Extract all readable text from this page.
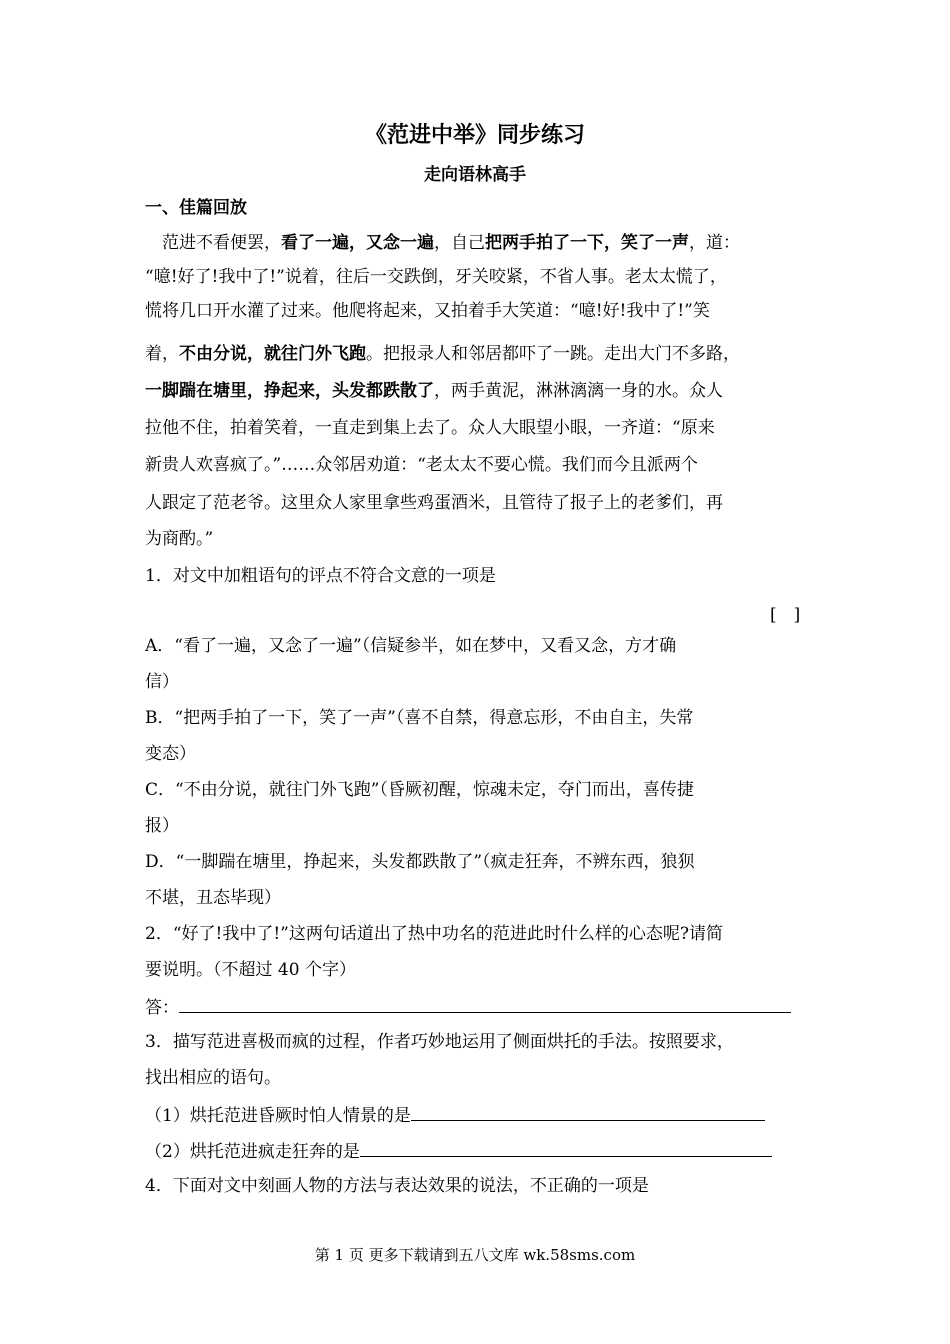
《范进中举》同步练习
走向语林高手
一、佳篇回放
　范进不看便罢，看了一遍，又念一遍，自己把两手拍了一下，笑了一声，道：
“噫!好了!我中了!”说着，往后一交跌倒，牙关咬紧，不省人事。老太太慌了，
慌将几口开水灌了过来。他爬将起来，又拍着手大笑道：“噫!好!我中了!”笑
着，不由分说，就往门外飞跑。把报录人和邻居都吓了一跳。走出大门不多路，
一脚踹在塘里，挣起来，头发都跌散了，两手黄泥，淋淋漓漓一身的水。众人
拉他不住，拍着笑着，一直走到集上去了。众人大眼望小眼，一齐道：“原来
新贵人欢喜疯了。”……众邻居劝道：“老太太不要心慌。我们而今且派两个
人跟定了范老爷。这里众人家里拿些鸡蛋酒米，且管待了报子上的老爹们，再
为商酌。”
1．对文中加粗语句的评点不符合文意的一项是
[　]
A．“看了一遍，又念了一遍”（信疑参半，如在梦中，又看又念，方才确
信）
B．“把两手拍了一下，笑了一声”（喜不自禁，得意忘形，不由自主，失常
变态）
C．“不由分说，就往门外飞跑”（昏厥初醒，惊魂未定，夺门而出，喜传捷
报）
D．“一脚踹在塘里，挣起来，头发都跌散了”（疯走狂奔，不辨东西，狼狈
不堪，丑态毕现）
2．“好了!我中了!”这两句话道出了热中功名的范进此时什么样的心态呢?请简
要说明。（不超过 40 个字）
答：
3．描写范进喜极而疯的过程，作者巧妙地运用了侧面烘托的手法。按照要求，
找出相应的语句。
（1）烘托范进昏厥时怕人情景的是
（2）烘托范进疯走狂奔的是
4．下面对文中刻画人物的方法与表达效果的说法，不正确的一项是
第 1 页 更多下载请到五八文库 wk.58sms.com
